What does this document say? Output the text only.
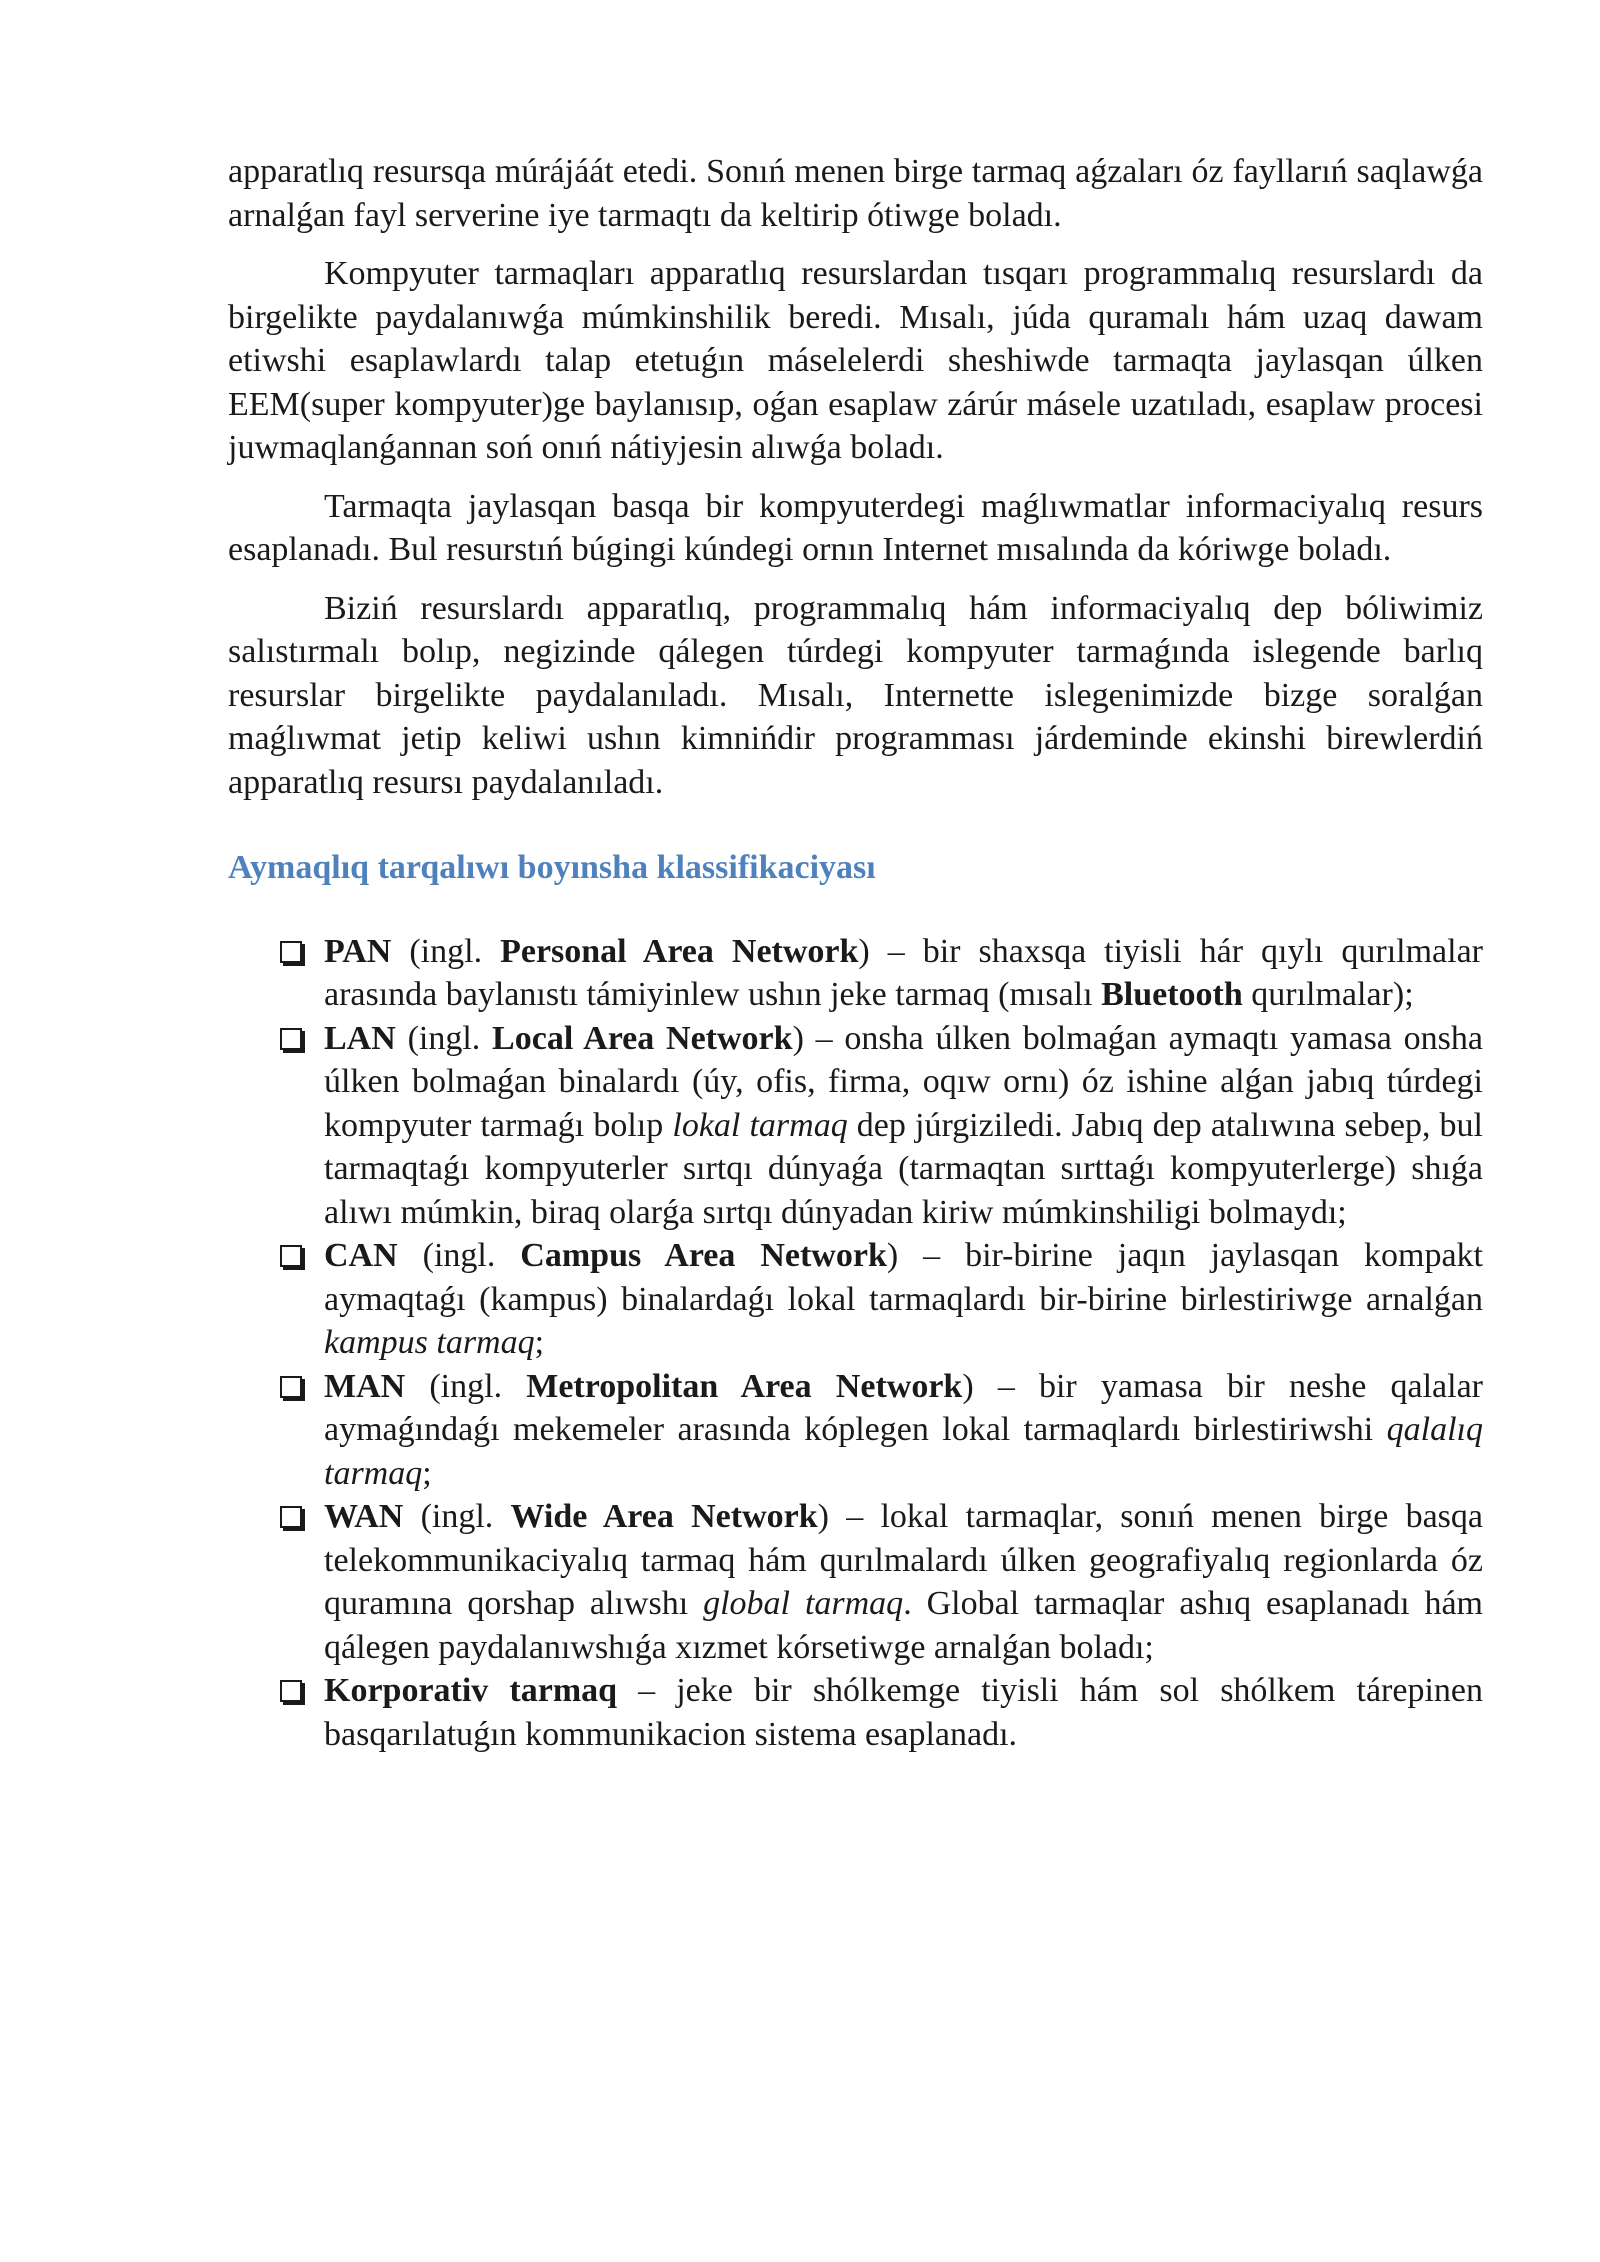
apparatlıq resursqa múrájáát etedi. Sonıń menen birge tarmaq aǵzaları óz fayllarıń saqlawǵa arnalǵan fayl serverine iye tarmaqtı da keltirip ótiwge boladı.

Kompyuter tarmaqları apparatlıq resurslardan tısqarı programmalıq resurslardı da birgelikte paydalanıwǵa múmkinshilik beredi. Mısalı, júda quramalı hám uzaq dawam etiwshi esaplawlardı talap etetuǵın máselelerdi sheshiwde tarmaqta jaylasqan úlken EEM(super kompyuter)ge baylanısıp, oǵan esaplaw zárúr másele uzatıladı, esaplaw procesi juwmaqlanǵannan soń onıń nátiyjesin alıwǵa boladı.

Tarmaqta jaylasqan basqa bir kompyuterdegi maǵlıwmatlar informaciyalıq resurs esaplanadı. Bul resurstıń búgingi kúndegi ornın Internet mısalında da kóriwge boladı.

Biziń resurslardı apparatlıq, programmalıq hám informaciyalıq dep bóliwimiz salıstırmalı bolıp, negizinde qálegen túrdegi kompyuter tarmaǵında islegende barlıq resurslar birgelikte paydalanıladı. Mısalı, Internette islegenimizde bizge soralǵan maǵlıwmat jetip keliwi ushın kimnińdir programması járdeminde ekinshi birewlerdiń apparatlıq resursı paydalanıladı.

Aymaqlıq tarqalıwı boyınsha klassifikaciyası
PAN (ingl. Personal Area Network) – bir shaxsqa tiyisli hár qıylı qurılmalar arasında baylanıstı támiyinlew ushın jeke tarmaq (mısalı Bluetooth qurılmalar);
LAN (ingl. Local Area Network) – onsha úlken bolmaǵan aymaqtı yamasa onsha úlken bolmaǵan binalardı (úy, ofis, firma, oqıw ornı) óz ishine alǵan jabıq túrdegi kompyuter tarmaǵı bolıp lokal tarmaq dep júrgiziledi. Jabıq dep atalıwına sebep, bul tarmaqtaǵı kompyuterler sırtqı dúnyaǵa (tarmaqtan sırttaǵı kompyuterlerge) shıǵa alıwı múmkin, biraq olarǵa sırtqı dúnyadan kiriw múmkinshiligi bolmaydı;
CAN (ingl. Campus Area Network) – bir-birine jaqın jaylasqan kompakt aymaqtaǵı (kampus) binalardaǵı lokal tarmaqlardı bir-birine birlestiriwge arnalǵan kampus tarmaq;
MAN (ingl. Metropolitan Area Network) – bir yamasa bir neshe qalalar aymaǵındaǵı mekemeler arasında kóplegen lokal tarmaqlardı birlestiriwshi qalalıq tarmaq;
WAN (ingl. Wide Area Network) – lokal tarmaqlar, sonıń menen birge basqa telekommunikaciyalıq tarmaq hám qurılmalardı úlken geografiyalıq regionlarda óz quramına qorshap alıwshı global tarmaq. Global tarmaqlar ashıq esaplanadı hám qálegen paydalanıwshıǵa xızmet kórsetiwge arnalǵan boladı;
Korporativ tarmaq – jeke bir shólkemge tiyisli hám sol shólkem tárepinen basqarılatuǵın kommunikacion sistema esaplanadı.
